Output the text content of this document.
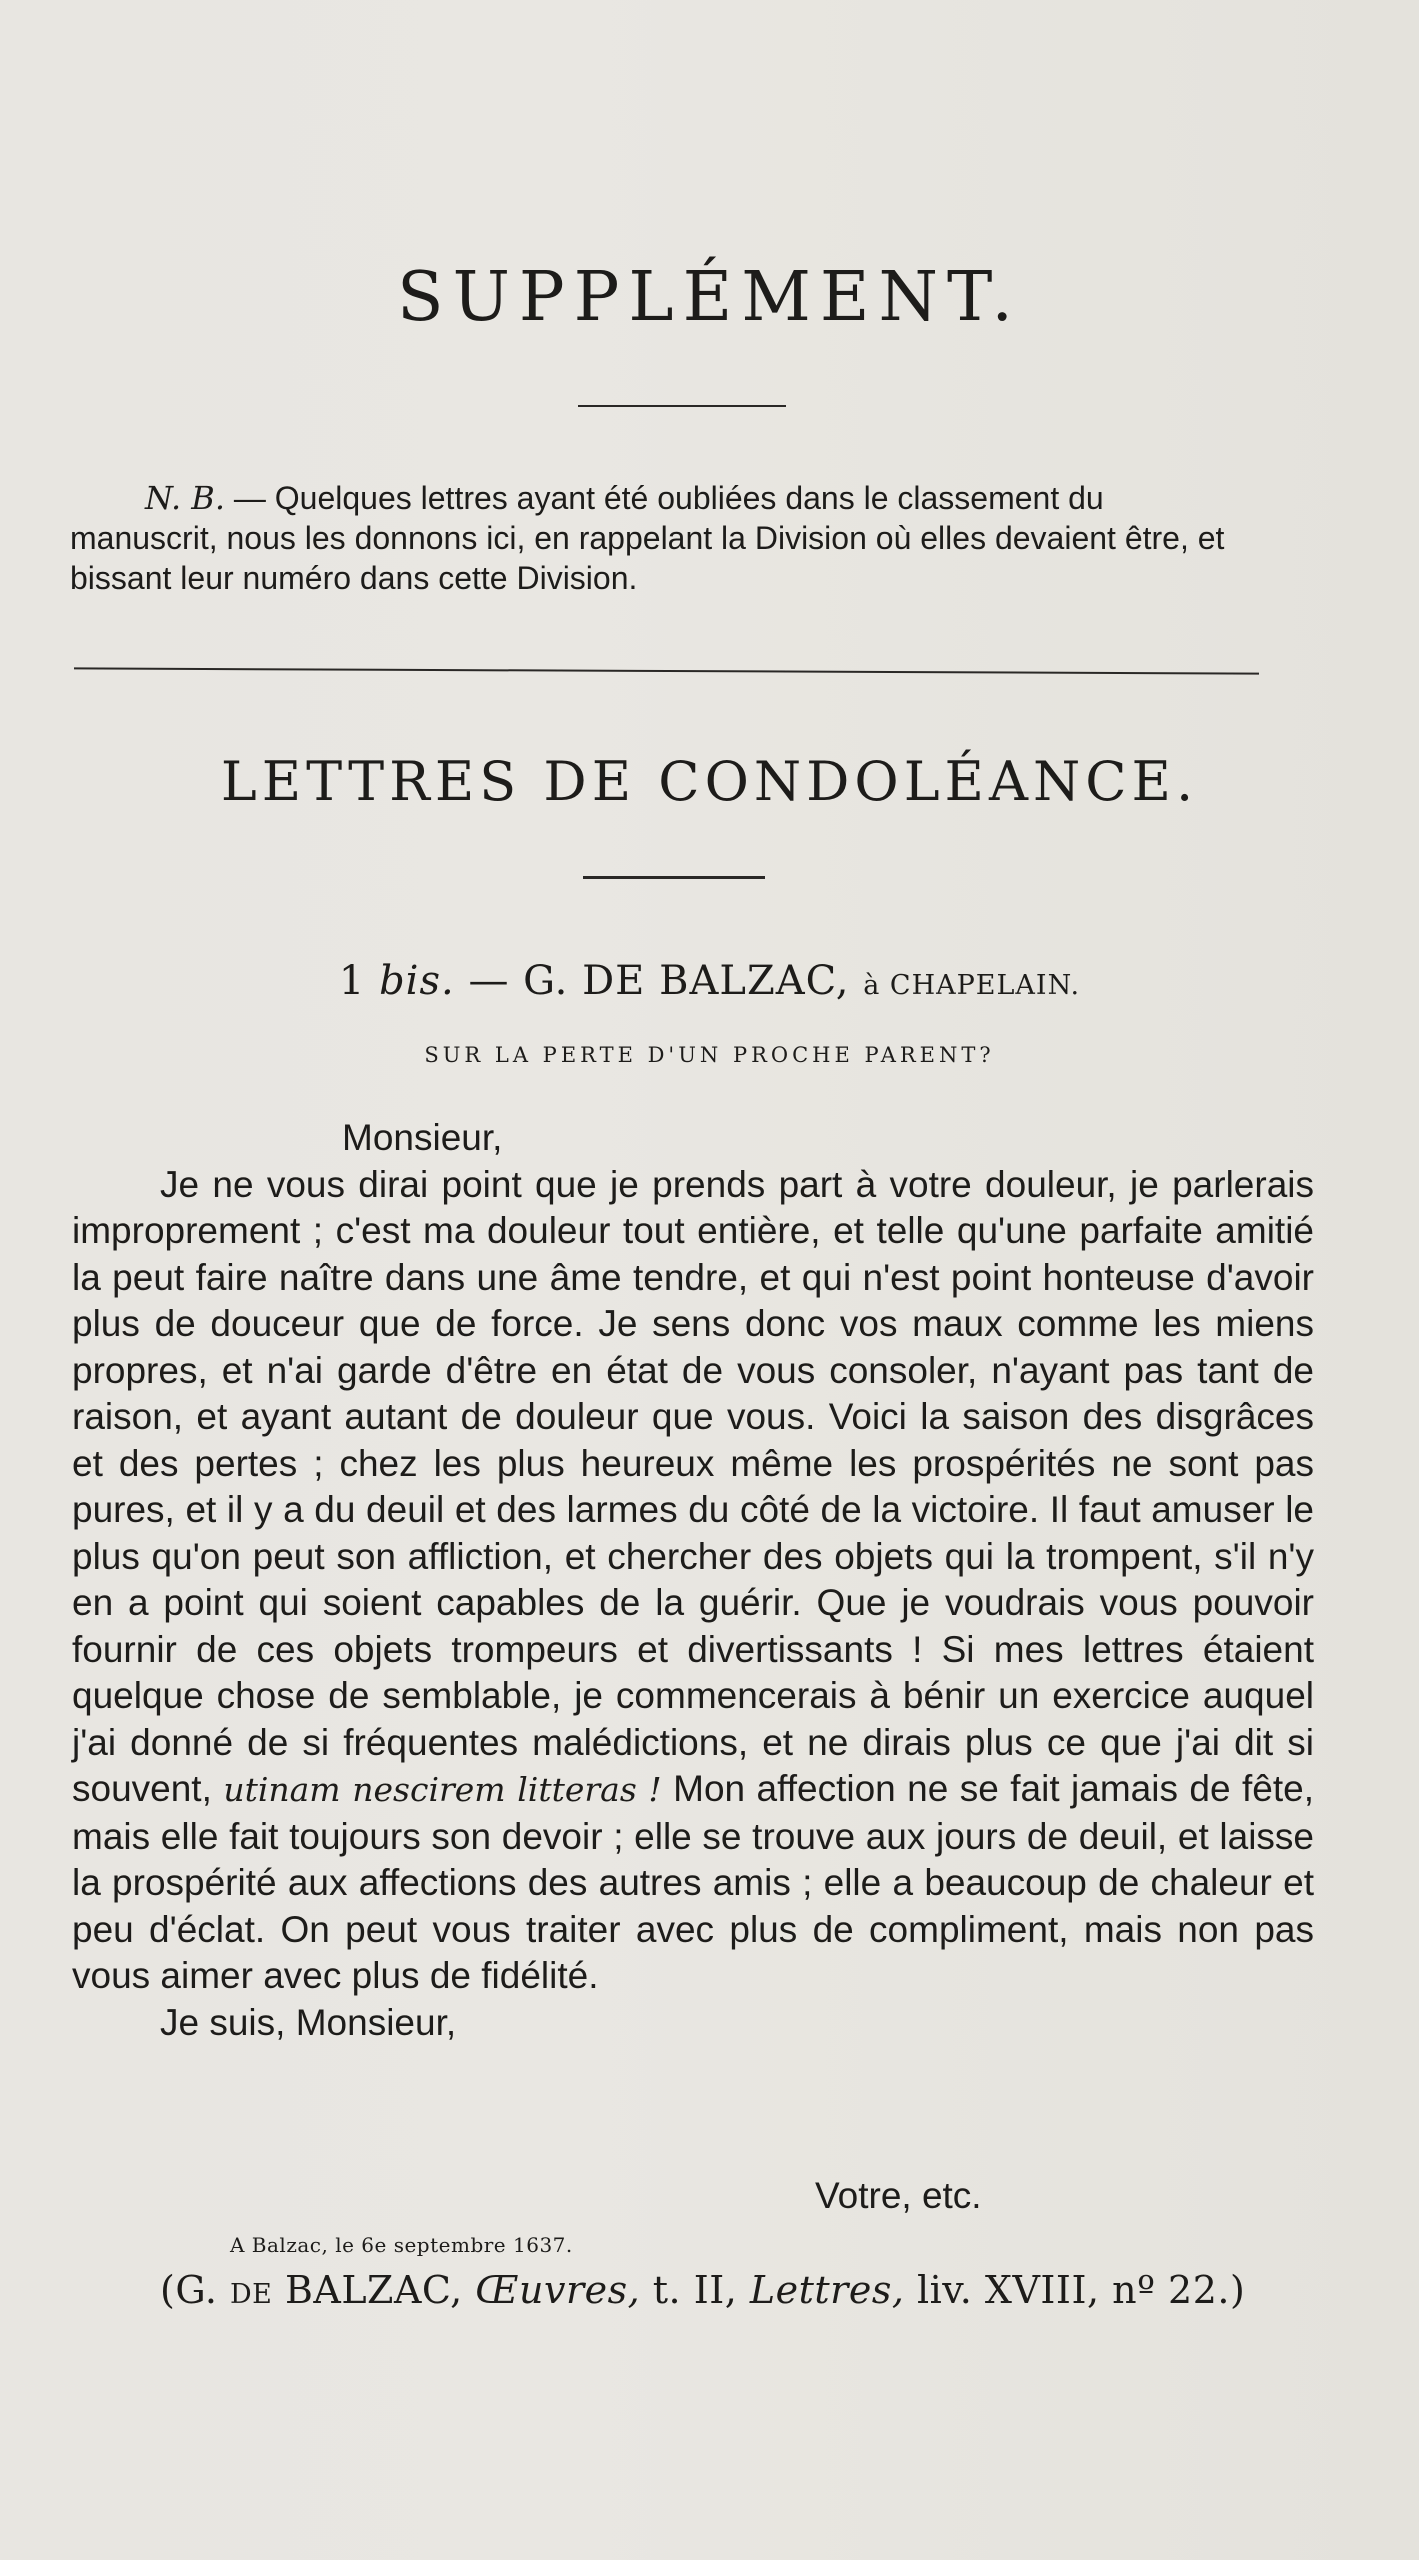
SUPPLÉMENT.

N. B. — Quelques lettres ayant été oubliées dans le classement du manuscrit, nous les donnons ici, en rappelant la Division où elles devaient être, et bissant leur numéro dans cette Division.

LETTRES DE CONDOLÉANCE.
1 bis. — G. DE BALZAC, à CHAPELAIN.
SUR LA PERTE D'UN PROCHE PARENT?
Monsieur,

Je ne vous dirai point que je prends part à votre douleur, je parlerais improprement ; c'est ma douleur tout entière, et telle qu'une parfaite amitié la peut faire naître dans une âme tendre, et qui n'est point honteuse d'avoir plus de douceur que de force. Je sens donc vos maux comme les miens propres, et n'ai garde d'être en état de vous consoler, n'ayant pas tant de raison, et ayant autant de douleur que vous. Voici la saison des disgrâces et des pertes ; chez les plus heureux même les prospérités ne sont pas pures, et il y a du deuil et des larmes du côté de la victoire. Il faut amuser le plus qu'on peut son affliction, et chercher des objets qui la trompent, s'il n'y en a point qui soient capables de la guérir. Que je voudrais vous pouvoir fournir de ces objets trompeurs et divertissants ! Si mes lettres étaient quelque chose de semblable, je commencerais à bénir un exercice auquel j'ai donné de si fréquentes malédictions, et ne dirais plus ce que j'ai dit si souvent, utinam nescirem litteras ! Mon affection ne se fait jamais de fête, mais elle fait toujours son devoir ; elle se trouve aux jours de deuil, et laisse la prospérité aux affections des autres amis ; elle a beaucoup de chaleur et peu d'éclat. On peut vous traiter avec plus de compliment, mais non pas vous aimer avec plus de fidélité.

Je suis, Monsieur,
Votre, etc.
A Balzac, le 6e septembre 1637.
(G. DE BALZAC, Œuvres, t. II, Lettres, liv. XVIII, nº 22.)
